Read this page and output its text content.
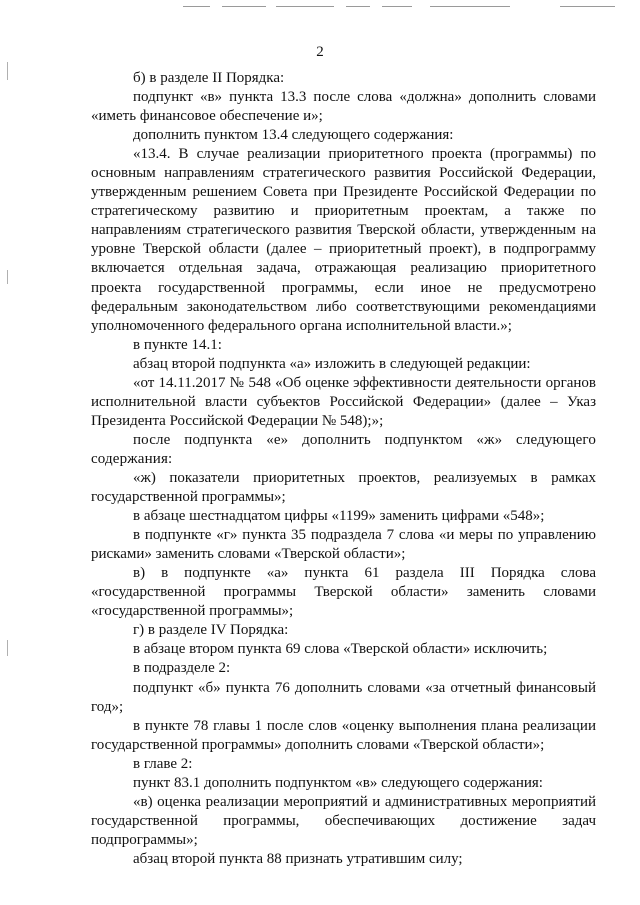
2

б) в разделе II Порядка:

подпункт «в» пункта 13.3 после слова «должна» дополнить словами «иметь финансовое обеспечение и»;

дополнить пунктом 13.4 следующего содержания:

«13.4. В случае реализации приоритетного проекта (программы) по основным направлениям стратегического развития Российской Федерации, утвержденным решением Совета при Президенте Российской Федерации по стратегическому развитию и приоритетным проектам, а также по направлениям стратегического развития Тверской области, утвержденным на уровне Тверской области (далее – приоритетный проект), в подпрограмму включается отдельная задача, отражающая реализацию приоритетного проекта государственной программы, если иное не предусмотрено федеральным законодательством либо соответствующими рекомендациями уполномоченного федерального органа исполнительной власти.»;

в пункте 14.1:

абзац второй подпункта «а» изложить в следующей редакции:

«от 14.11.2017 № 548 «Об оценке эффективности деятельности органов исполнительной власти субъектов Российской Федерации» (далее – Указ Президента Российской Федерации № 548);»;

после подпункта «е» дополнить подпунктом «ж» следующего содержания:

«ж) показатели приоритетных проектов, реализуемых в рамках государственной программы»;

в абзаце шестнадцатом цифры «1199» заменить цифрами «548»;

в подпункте «г» пункта 35 подраздела 7 слова «и меры по управлению рисками» заменить словами «Тверской области»;

в) в подпункте «а» пункта 61 раздела III Порядка слова «государственной программы Тверской области» заменить словами «государственной программы»;

г) в разделе IV Порядка:

в абзаце втором пункта 69 слова «Тверской области» исключить;

в подразделе 2:

подпункт «б» пункта 76 дополнить словами «за отчетный финансовый год»;

в пункте 78 главы 1 после слов «оценку выполнения плана реализации государственной программы» дополнить словами «Тверской области»;

в главе 2:

пункт 83.1 дополнить подпунктом «в» следующего содержания:

«в) оценка реализации мероприятий и административных мероприятий государственной программы, обеспечивающих достижение задач подпрограммы»;

абзац второй пункта 88 признать утратившим силу;
